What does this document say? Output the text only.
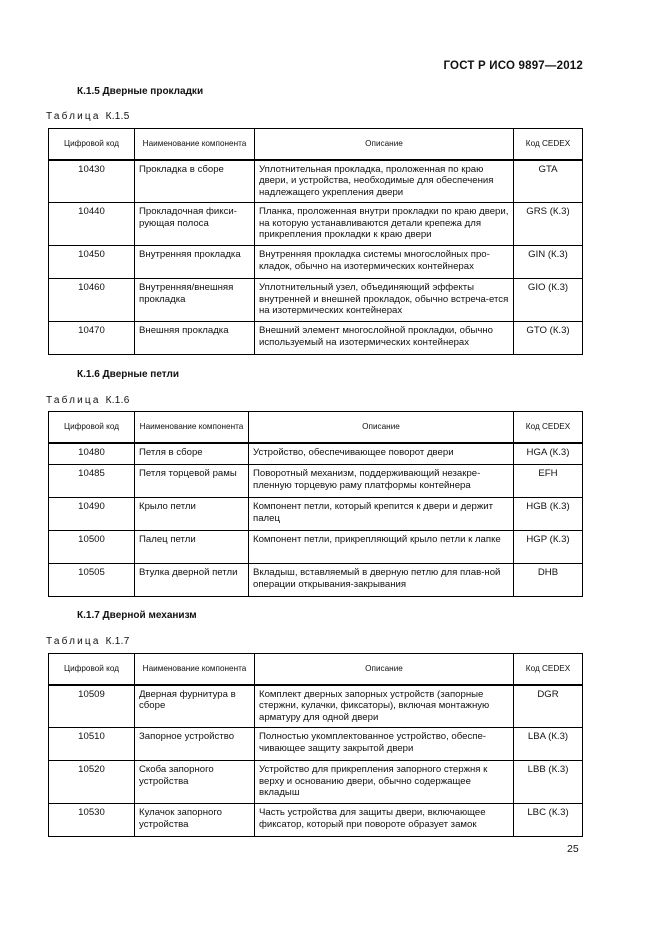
ГОСТ Р ИСО 9897—2012
К.1.5 Дверные прокладки
Таблица К.1.5
Цифровой код	Наименование компонента	Описание	Код CEDEX
10430	Прокладка в сборе	Уплотнительная прокладка, проложенная по краю двери, и устройства, необходимые для обеспечения надлежащего укрепления двери	GTA
10440	Прокладочная фикси-рующая полоса	Планка, проложенная внутри прокладки по краю двери, на которую устанавливаются детали крепежа для прикрепления прокладки к краю двери	GRS (К.3)
10450	Внутренняя прокладка	Внутренняя прокладка системы многослойных про-кладок, обычно на изотермических контейнерах	GIN (К.3)
10460	Внутренняя/внешняя прокладка	Уплотнительный узел, объединяющий эффекты внутренней и внешней прокладок, обычно встреча-ется на изотермических контейнерах	GIO (К.3)
10470	Внешняя прокладка	Внешний элемент многослойной прокладки, обычно используемый на изотермических контейнерах	GTO (К.3)
К.1.6 Дверные петли
Таблица К.1.6
Цифровой код	Наименование компонента	Описание	Код CEDEX
10480	Петля в сборе	Устройство, обеспечивающее поворот двери	HGA (К.3)
10485	Петля торцевой рамы	Поворотный механизм, поддерживающий незакре-пленную торцевую раму платформы контейнера	EFH
10490	Крыло петли	Компонент петли, который крепится к двери и держит палец	HGB (К.3)
10500	Палец петли	Компонент петли, прикрепляющий крыло петли к лапке	HGP (К.3)
10505	Втулка дверной петли	Вкладыш, вставляемый в дверную петлю для плав-ной операции открывания-закрывания	DHB
К.1.7 Дверной механизм
Таблица К.1.7
Цифровой код	Наименование компонента	Описание	Код CEDEX
10509	Дверная фурнитура в сборе	Комплект дверных запорных устройств (запорные стержни, кулачки, фиксаторы), включая монтажную арматуру для одной двери	DGR
10510	Запорное устройство	Полностью укомплектованное устройство, обеспе-чивающее защиту закрытой двери	LBA (К.3)
10520	Скоба запорного устройства	Устройство для прикрепления запорного стержня к верху и основанию двери, обычно содержащее вкладыш	LBB (К.3)
10530	Кулачок запорного устройства	Часть устройства для защиты двери, включающее фиксатор, который при повороте образует замок	LBC (К.3)
25
